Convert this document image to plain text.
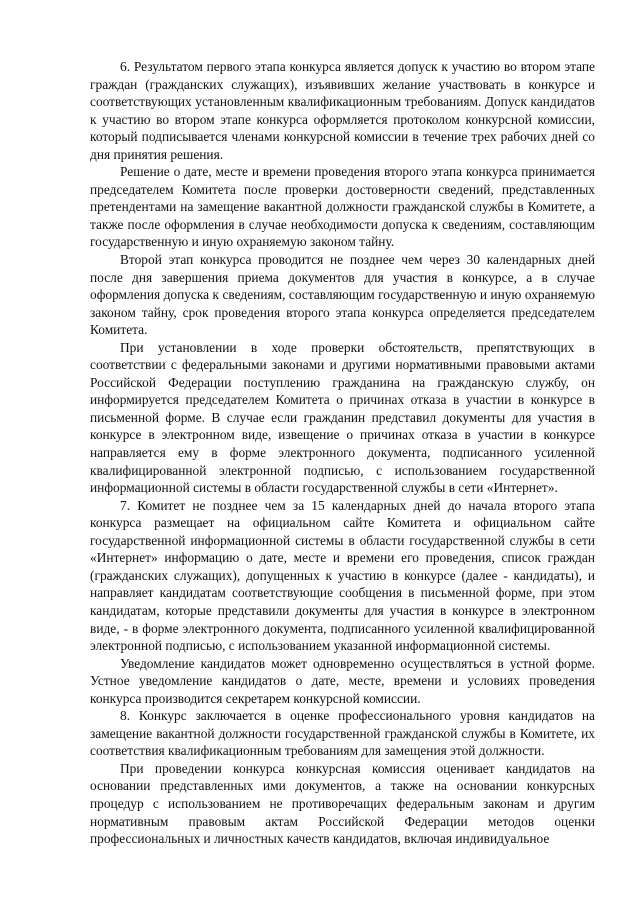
6. Результатом первого этапа конкурса является допуск к участию во втором этапе граждан (гражданских служащих), изъявивших желание участвовать в конкурсе и соответствующих установленным квалификационным требованиям. Допуск кандидатов к участию во втором этапе конкурса оформляется протоколом конкурсной комиссии, который подписывается членами конкурсной комиссии в течение трех рабочих дней со дня принятия решения.

Решение о дате, месте и времени проведения второго этапа конкурса принимается председателем Комитета после проверки достоверности сведений, представленных претендентами на замещение вакантной должности гражданской службы в Комитете, а также после оформления в случае необходимости допуска к сведениям, составляющим государственную и иную охраняемую законом тайну.

Второй этап конкурса проводится не позднее чем через 30 календарных дней после дня завершения приема документов для участия в конкурсе, а в случае оформления допуска к сведениям, составляющим государственную и иную охраняемую законом тайну, срок проведения второго этапа конкурса определяется председателем Комитета.

При установлении в ходе проверки обстоятельств, препятствующих в соответствии с федеральными законами и другими нормативными правовыми актами Российской Федерации поступлению гражданина на гражданскую службу, он информируется председателем Комитета о причинах отказа в участии в конкурсе в письменной форме. В случае если гражданин представил документы для участия в конкурсе в электронном виде, извещение о причинах отказа в участии в конкурсе направляется ему в форме электронного документа, подписанного усиленной квалифицированной электронной подписью, с использованием государственной информационной системы в области государственной службы в сети «Интернет».

7. Комитет не позднее чем за 15 календарных дней до начала второго этапа конкурса размещает на официальном сайте Комитета и официальном сайте государственной информационной системы в области государственной службы в сети «Интернет» информацию о дате, месте и времени его проведения, список граждан (гражданских служащих), допущенных к участию в конкурсе (далее - кандидаты), и направляет кандидатам соответствующие сообщения в письменной форме, при этом кандидатам, которые представили документы для участия в конкурсе в электронном виде, - в форме электронного документа, подписанного усиленной квалифицированной электронной подписью, с использованием указанной информационной системы.

Уведомление кандидатов может одновременно осуществляться в устной форме. Устное уведомление кандидатов о дате, месте, времени и условиях проведения конкурса производится секретарем конкурсной комиссии.

8. Конкурс заключается в оценке профессионального уровня кандидатов на замещение вакантной должности государственной гражданской службы в Комитете, их соответствия квалификационным требованиям для замещения этой должности.

При проведении конкурса конкурсная комиссия оценивает кандидатов на основании представленных ими документов, а также на основании конкурсных процедур с использованием не противоречащих федеральным законам и другим нормативным правовым актам Российской Федерации методов оценки профессиональных и личностных качеств кандидатов, включая индивидуальное
